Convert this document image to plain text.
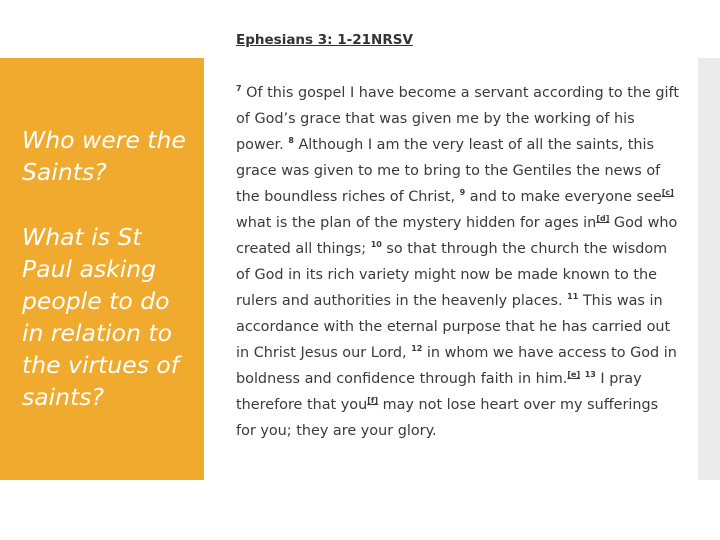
Ephesians 3: 1-21NRSV

Who were the Saints?

What is St Paul asking people to do in relation to the virtues of saints?

$^7$ Of this gospel I have become a servant according to the gift of God’s grace that was given me by the working of his power. $^8$ Although I am the very least of all the saints, this grace was given to me to bring to the Gentiles the news of the boundless riches of Christ, $^9$ and to make everyone see[c] what is the plan of the mystery hidden for ages in[d] God who created all things; $^{10}$ so that through the church the wisdom of God in its rich variety might now be made known to the rulers and authorities in the heavenly places. $^{11}$ This was in accordance with the eternal purpose that he has carried out in Christ Jesus our Lord, $^{12}$ in whom we have access to God in boldness and confidence through faith in him.[e] $^{13}$ I pray therefore that you[f] may not lose heart over my sufferings for you; they are your glory.
